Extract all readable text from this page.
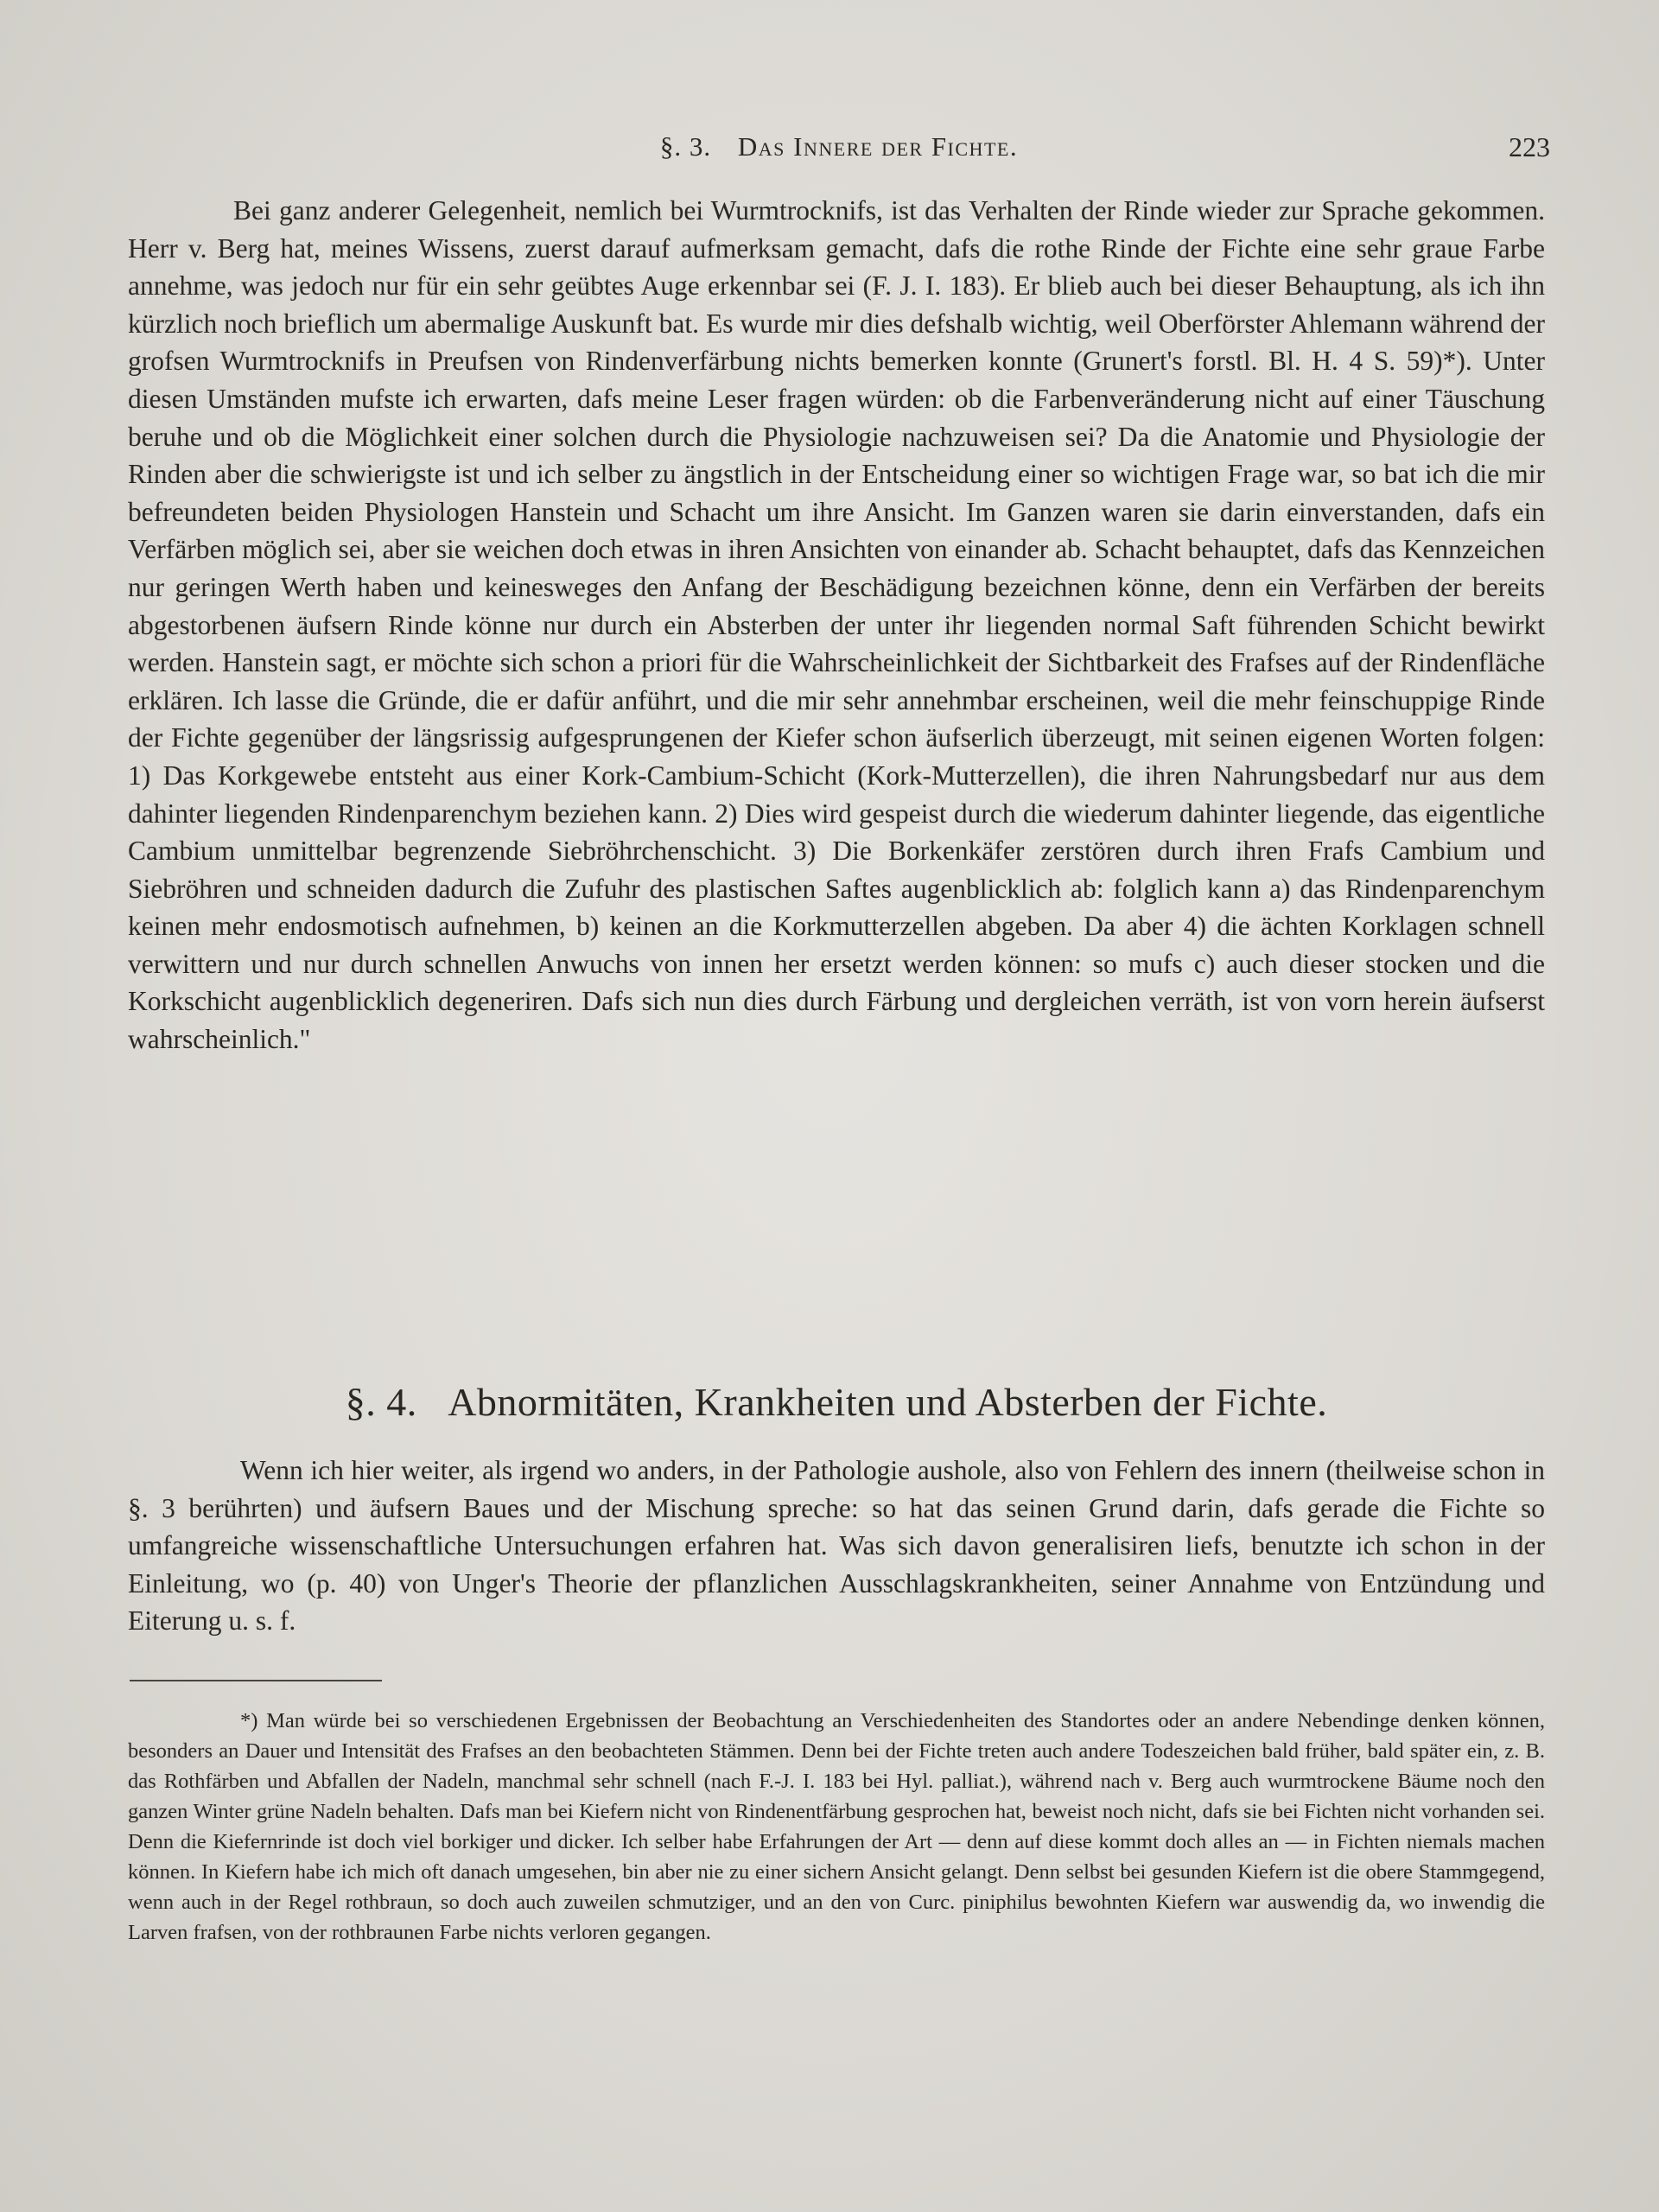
§. 3. Das Innere der Fichte.	223

Bei ganz anderer Gelegenheit, nemlich bei Wurmtrocknifs, ist das Verhalten der Rinde wieder zur Sprache gekommen. Herr v. Berg hat, meines Wissens, zuerst darauf aufmerksam gemacht, dafs die rothe Rinde der Fichte eine sehr graue Farbe annehme, was jedoch nur für ein sehr geübtes Auge erkennbar sei (F. J. I. 183). Er blieb auch bei dieser Behauptung, als ich ihn kürzlich noch brieflich um abermalige Auskunft bat. Es wurde mir dies defshalb wichtig, weil Oberförster Ahlemann während der grofsen Wurmtrocknifs in Preufsen von Rindenverfärbung nichts bemerken konnte (Grunert's forstl. Bl. H. 4 S. 59)*). Unter diesen Umständen mufste ich erwarten, dafs meine Leser fragen würden: ob die Farbenveränderung nicht auf einer Täuschung beruhe und ob die Möglichkeit einer solchen durch die Physiologie nachzuweisen sei? Da die Anatomie und Physiologie der Rinden aber die schwierigste ist und ich selber zu ängstlich in der Entscheidung einer so wichtigen Frage war, so bat ich die mir befreundeten beiden Physiologen Hanstein und Schacht um ihre Ansicht. Im Ganzen waren sie darin einverstanden, dafs ein Verfärben möglich sei, aber sie weichen doch etwas in ihren Ansichten von einander ab. Schacht behauptet, dafs das Kennzeichen nur geringen Werth haben und keinesweges den Anfang der Beschädigung bezeichnen könne, denn ein Verfärben der bereits abgestorbenen äufsern Rinde könne nur durch ein Absterben der unter ihr liegenden normal Saft führenden Schicht bewirkt werden. Hanstein sagt, er möchte sich schon a priori für die Wahrscheinlichkeit der Sichtbarkeit des Frafses auf der Rindenfläche erklären. Ich lasse die Gründe, die er dafür anführt, und die mir sehr annehmbar erscheinen, weil die mehr feinschuppige Rinde der Fichte gegenüber der längsrissig aufgesprungenen der Kiefer schon äufserlich überzeugt, mit seinen eigenen Worten folgen: 1) Das Korkgewebe entsteht aus einer Kork-Cambium-Schicht (Kork-Mutterzellen), die ihren Nahrungsbedarf nur aus dem dahinter liegenden Rindenparenchym beziehen kann. 2) Dies wird gespeist durch die wiederum dahinter liegende, das eigentliche Cambium unmittelbar begrenzende Siebröhrchenschicht. 3) Die Borkenkäfer zerstören durch ihren Frafs Cambium und Siebröhren und schneiden dadurch die Zufuhr des plastischen Saftes augenblicklich ab: folglich kann a) das Rindenparenchym keinen mehr endosmotisch aufnehmen, b) keinen an die Korkmutterzellen abgeben. Da aber 4) die ächten Korklagen schnell verwittern und nur durch schnellen Anwuchs von innen her ersetzt werden können: so mufs c) auch dieser stocken und die Korkschicht augenblicklich degeneriren. Dafs sich nun dies durch Färbung und dergleichen verräth, ist von vorn herein äufserst wahrscheinlich."

§. 4. Abnormitäten, Krankheiten und Absterben der Fichte.

Wenn ich hier weiter, als irgend wo anders, in der Pathologie aushole, also von Fehlern des innern (theilweise schon in §. 3 berührten) und äufsern Baues und der Mischung spreche: so hat das seinen Grund darin, dafs gerade die Fichte so umfangreiche wissenschaftliche Untersuchungen erfahren hat. Was sich davon generalisiren liefs, benutzte ich schon in der Einleitung, wo (p. 40) von Unger's Theorie der pflanzlichen Ausschlagskrankheiten, seiner Annahme von Entzündung und Eiterung u. s. f.

*) Man würde bei so verschiedenen Ergebnissen der Beobachtung an Verschiedenheiten des Standortes oder an andere Nebendinge denken können, besonders an Dauer und Intensität des Frafses an den beobachteten Stämmen. Denn bei der Fichte treten auch andere Todeszeichen bald früher, bald später ein, z. B. das Rothfärben und Abfallen der Nadeln, manchmal sehr schnell (nach F.-J. I. 183 bei Hyl. palliat.), während nach v. Berg auch wurmtrockene Bäume noch den ganzen Winter grüne Nadeln behalten. Dafs man bei Kiefern nicht von Rindenentfärbung gesprochen hat, beweist noch nicht, dafs sie bei Fichten nicht vorhanden sei. Denn die Kiefernrinde ist doch viel borkiger und dicker. Ich selber habe Erfahrungen der Art — denn auf diese kommt doch alles an — in Fichten niemals machen können. In Kiefern habe ich mich oft danach umgesehen, bin aber nie zu einer sichern Ansicht gelangt. Denn selbst bei gesunden Kiefern ist die obere Stammgegend, wenn auch in der Regel rothbraun, so doch auch zuweilen schmutziger, und an den von Curc. piniphilus bewohnten Kiefern war auswendig da, wo inwendig die Larven frafsen, von der rothbraunen Farbe nichts verloren gegangen.
